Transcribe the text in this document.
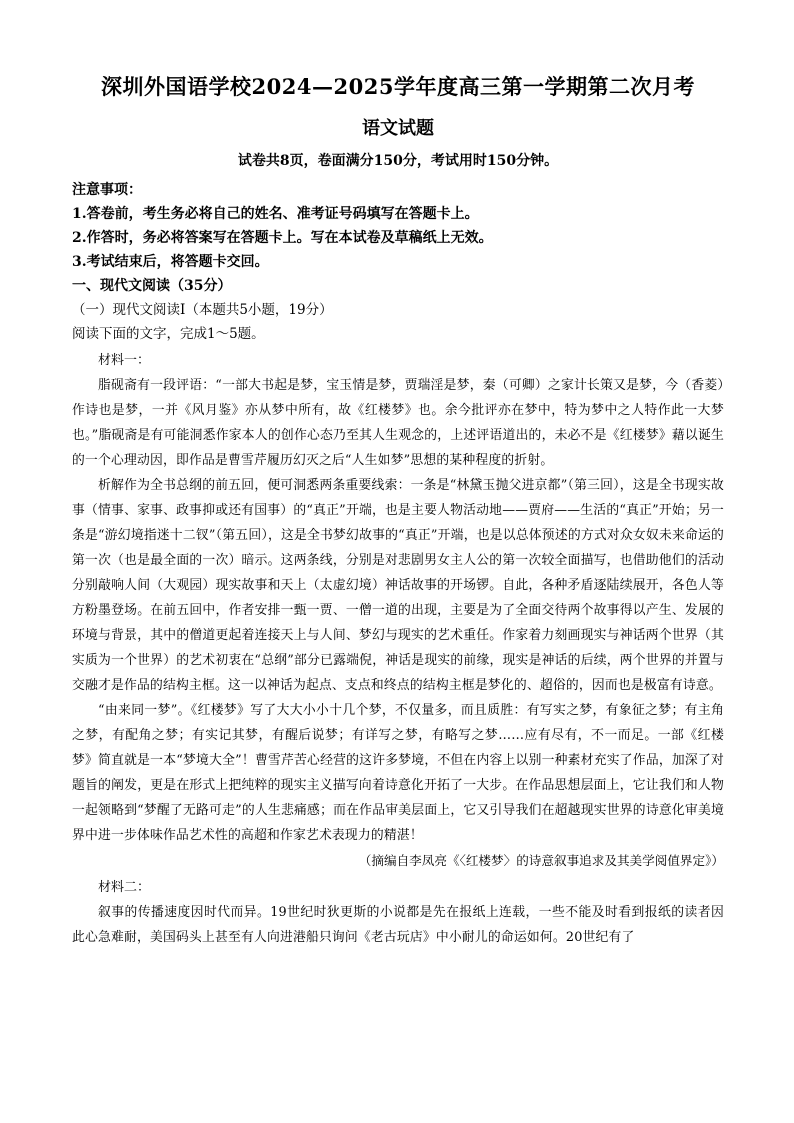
深圳外国语学校2024—2025学年度高三第一学期第二次月考
语文试题
试卷共8页，卷面满分150分，考试用时150分钟。
注意事项：
1.答卷前，考生务必将自己的姓名、准考证号码填写在答题卡上。
2.作答时，务必将答案写在答题卡上。写在本试卷及草稿纸上无效。
3.考试结束后，将答题卡交回。
一、现代文阅读（35分）
（一）现代文阅读Ⅰ（本题共5小题，19分）
阅读下面的文字，完成1～5题。
材料一：
脂砚斋有一段评语：“一部大书起是梦，宝玉情是梦，贾瑞淫是梦，秦（可卿）之家计长策又是梦，今（香菱）作诗也是梦，一并《风月鉴》亦从梦中所有，故《红楼梦》也。余今批评亦在梦中，特为梦中之人特作此一大梦也。”脂砚斋是有可能洞悉作家本人的创作心态乃至其人生观念的，上述评语道出的，未必不是《红楼梦》藉以诞生的一个心理动因，即作品是曹雪芹履历幻灭之后“人生如梦”思想的某种程度的折射。
析解作为全书总纲的前五回，便可洞悉两条重要线索：一条是“林黛玉抛父进京都”（第三回），这是全书现实故事（情事、家事、政事抑或还有国事）的“真正”开端，也是主要人物活动地——贾府——生活的“真正”开始；另一条是“游幻境指迷十二钗”（第五回），这是全书梦幻故事的“真正”开端，也是以总体预述的方式对众女奴未来命运的第一次（也是最全面的一次）暗示。这两条线，分别是对悲剧男女主人公的第一次较全面描写，也借助他们的活动分别敲响人间（大观园）现实故事和天上（太虚幻境）神话故事的开场锣。自此，各种矛盾逐陆续展开，各色人等方粉墨登场。在前五回中，作者安排一甄一贾、一僧一道的出现，主要是为了全面交待两个故事得以产生、发展的环境与背景，其中的僧道更起着连接天上与人间、梦幻与现实的艺术重任。作家着力刻画现实与神话两个世界（其实质为一个世界）的艺术初衷在“总纲”部分已露端倪，神话是现实的前缘，现实是神话的后续，两个世界的并置与交融才是作品的结构主框。这一以神话为起点、支点和终点的结构主框是梦化的、超俗的，因而也是极富有诗意。
“由来同一梦”。《红楼梦》写了大大小小十几个梦，不仅量多，而且质胜：有写实之梦，有象征之梦；有主角之梦，有配角之梦；有实记其梦，有醒后说梦；有详写之梦，有略写之梦……应有尽有，不一而足。一部《红楼梦》简直就是一本“梦境大全”！曹雪芹苦心经营的这许多梦境，不但在内容上以别一种素材充实了作品，加深了对题旨的阐发，更是在形式上把纯粹的现实主义描写向着诗意化开拓了一大步。在作品思想层面上，它让我们和人物一起领略到“梦醒了无路可走”的人生悲痛感；而在作品审美层面上，它又引导我们在超越现实世界的诗意化审美境界中进一步体味作品艺术性的高超和作家艺术表现力的精湛！
（摘编自李凤亮《〈红楼梦〉的诗意叙事追求及其美学阅值界定》）
材料二：
叙事的传播速度因时代而异。19世纪时狄更斯的小说都是先在报纸上连载，一些不能及时看到报纸的读者因此心急难耐，美国码头上甚至有人向进港船只询问《老古玩店》中小耐儿的命运如何。20世纪有了
